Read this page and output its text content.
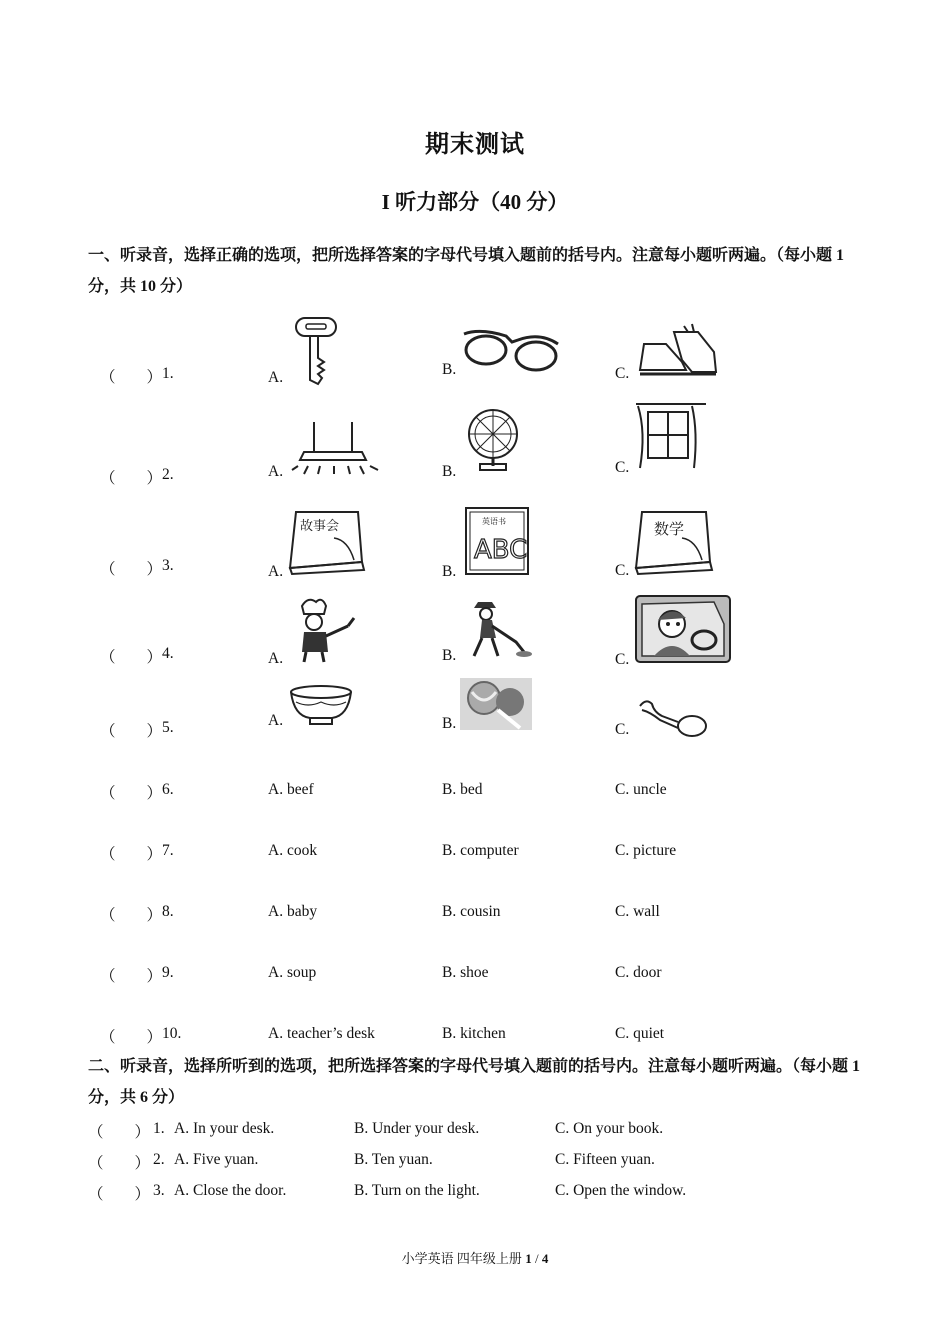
期末测试
I 听力部分（40 分）
一、听录音，选择正确的选项，把所选择答案的字母代号填入题前的括号内。注意每小题听两遍。（每小题 1 分，共 10 分）
（　　） 1.	A.	B.	C.
（　　） 2.	A.	B.	C.
（　　） 3.	A.	B.	C.
故事会	英语书
ABC
数学
（　　） 4.	A.	B.	C.
（　　） 5.	A.	B.	C.
（　　） 6.	A. beef	B. bed	C. uncle
（　　） 7.	A. cook	B. computer	C. picture
（　　） 8.	A. baby	B. cousin	C. wall
（　　） 9.	A. soup	B. shoe	C. door
（　　） 10.	A. teacher’s desk	B. kitchen	C. quiet
二、听录音，选择所听到的选项，把所选择答案的字母代号填入题前的括号内。注意每小题听两遍。（每小题 1 分，共 6 分）
（　　） 1. A. In your desk.	B. Under your desk.	C. On your book.
（　　） 2. A. Five yuan.	B. Ten yuan.	C. Fifteen yuan.
（　　） 3. A. Close the door.	B. Turn on the light.	C. Open the window.
小学英语 四年级上册 1 / 4
